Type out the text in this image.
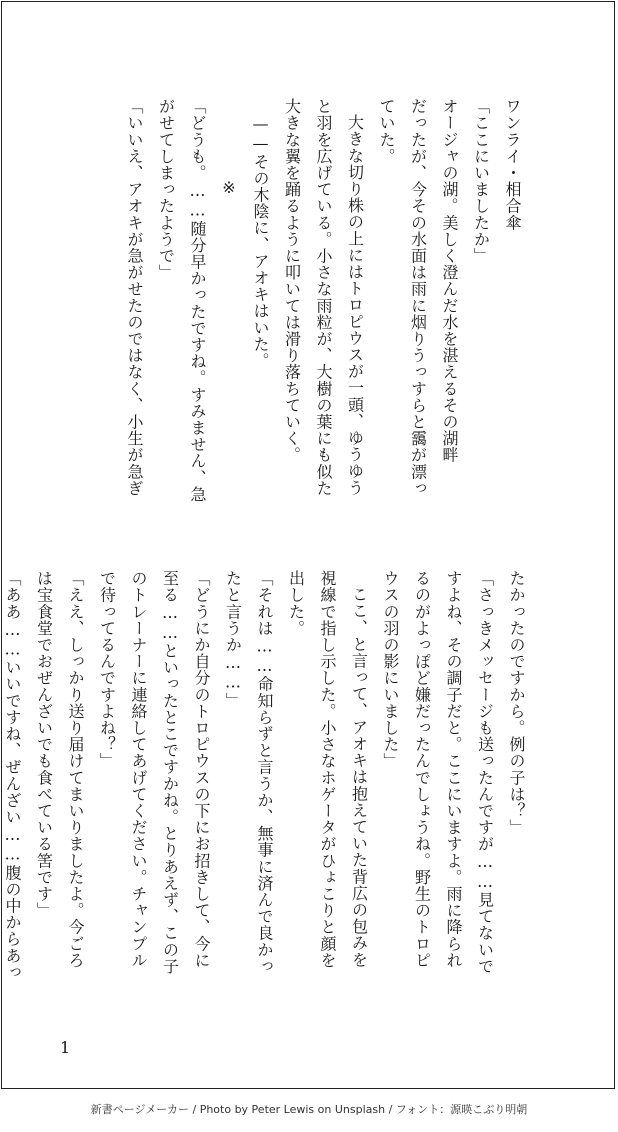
ワンライ・相合傘

「ここにいましたか」

オージャの湖。美しく澄んだ水を湛えるその湖畔

だったが、今その水面は雨に烟りうっすらと靄が漂っ

ていた。

大きな切り株の上にはトロピウスが一頭、ゆうゆう

と羽を広げている。小さな雨粒が、大樹の葉にも似た

大きな翼を踊るように叩いては滑り落ちていく。

——その木陰に、アオキはいた。

※

「どうも。……随分早かったですね。すみません、急

がせてしまったようで」

「いいえ、アオキが急がせたのではなく、小生が急ぎ

たかったのですから。例の子は？」

「さっきメッセージも送ったんですが……見てないで

すよね、その調子だと。ここにいますよ。雨に降られ

るのがよっぽど嫌だったんでしょうね。野生のトロピ

ウスの羽の影にいました」

ここ、と言って、アオキは抱えていた背広の包みを

視線で指し示した。小さなホゲータがひょこりと顔を

出した。

「それは……命知らずと言うか、無事に済んで良かっ

たと言うか……」

「どうにか自分のトロピウスの下にお招きして、今に

至る……といったとこですかね。とりあえず、この子

のトレーナーに連絡してあげてください。チャンプル

で待ってるんですよね？」

「ええ、しっかり送り届けてまいりましたよ。今ごろ

は宝食堂でおぜんざいでも食べている筈です」

「ああ……いいですね、ぜんざい……腹の中からあっ

1
新書ページメーカー / Photo by Peter Lewis on Unsplash / フォント：源暎こぶり明朝
